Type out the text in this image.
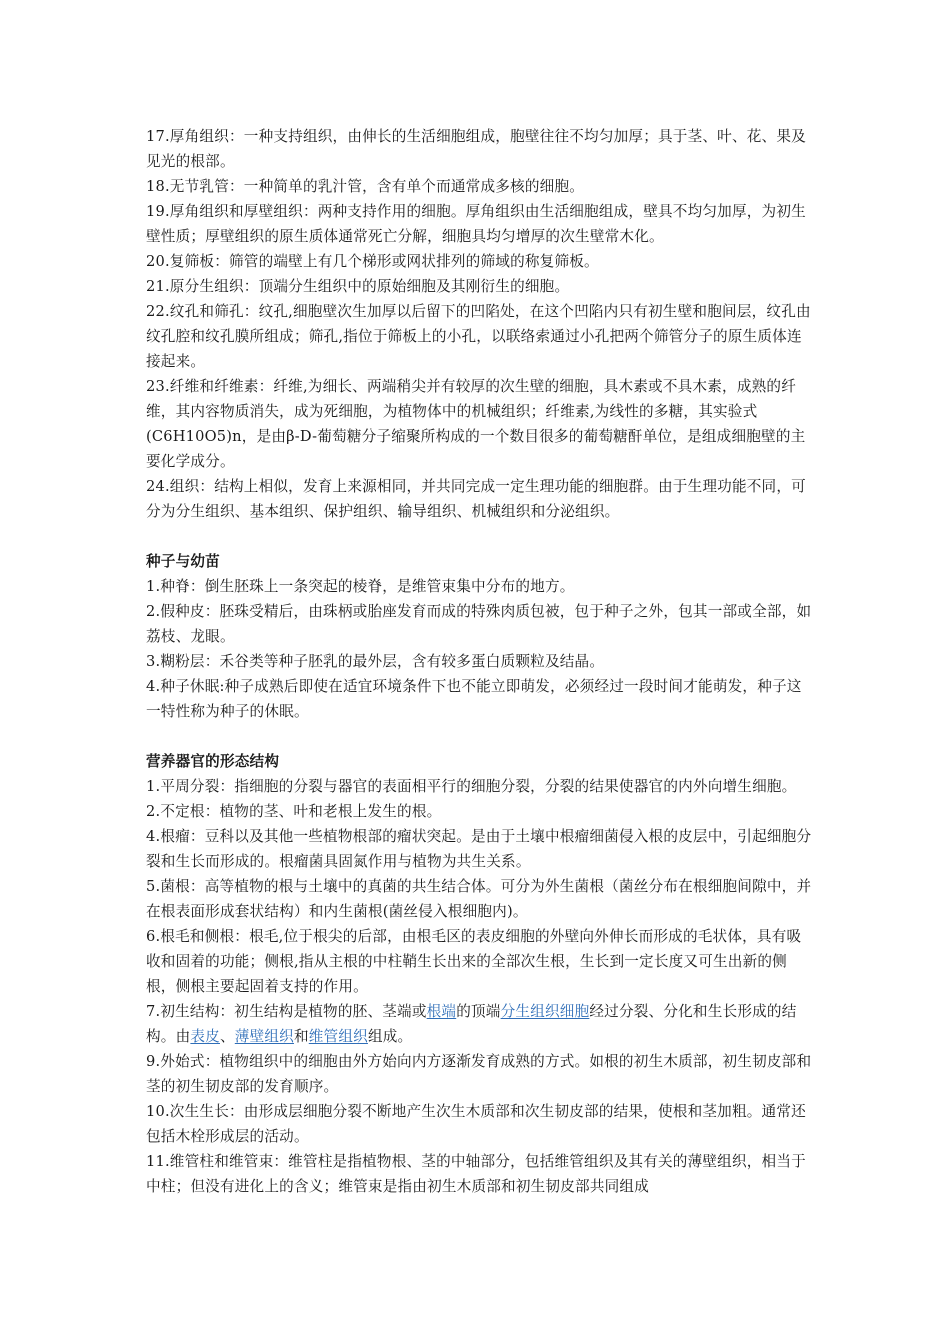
17.厚角组织：一种支持组织，由伸长的生活细胞组成，胞壁往往不均匀加厚；具于茎、叶、花、果及见光的根部。

18.无节乳管：一种简单的乳汁管，含有单个而通常成多核的细胞。

19.厚角组织和厚壁组织：两种支持作用的细胞。厚角组织由生活细胞组成，壁具不均匀加厚，为初生壁性质；厚壁组织的原生质体通常死亡分解，细胞具均匀增厚的次生壁常木化。

20.复筛板：筛管的端壁上有几个梯形或网状排列的筛域的称复筛板。

21.原分生组织：顶端分生组织中的原始细胞及其刚衍生的细胞。

22.纹孔和筛孔：纹孔,细胞壁次生加厚以后留下的凹陷处，在这个凹陷内只有初生壁和胞间层，纹孔由纹孔腔和纹孔膜所组成；筛孔,指位于筛板上的小孔，以联络索通过小孔把两个筛管分子的原生质体连接起来。

23.纤维和纤维素：纤维,为细长、两端稍尖并有较厚的次生壁的细胞，具木素或不具木素，成熟的纤维，其内容物质消失，成为死细胞，为植物体中的机械组织；纤维素,为线性的多糖，其实验式(C6H10O5)n，是由β-D-葡萄糖分子缩聚所构成的一个数目很多的葡萄糖酐单位，是组成细胞壁的主要化学成分。

24.组织：结构上相似，发育上来源相同，并共同完成一定生理功能的细胞群。由于生理功能不同，可分为分生组织、基本组织、保护组织、输导组织、机械组织和分泌组织。

种子与幼苗

1.种脊：倒生胚珠上一条突起的棱脊，是维管束集中分布的地方。

2.假种皮：胚珠受精后，由珠柄或胎座发育而成的特殊肉质包被，包于种子之外，包其一部或全部，如荔枝、龙眼。

3.糊粉层：禾谷类等种子胚乳的最外层，含有较多蛋白质颗粒及结晶。

4.种子休眠:种子成熟后即使在适宜环境条件下也不能立即萌发，必须经过一段时间才能萌发，种子这一特性称为种子的休眠。

营养器官的形态结构

1.平周分裂：指细胞的分裂与器官的表面相平行的细胞分裂，分裂的结果使器官的内外向增生细胞。

2.不定根：植物的茎、叶和老根上发生的根。

4.根瘤：豆科以及其他一些植物根部的瘤状突起。是由于土壤中根瘤细菌侵入根的皮层中，引起细胞分裂和生长而形成的。根瘤菌具固氮作用与植物为共生关系。

5.菌根：高等植物的根与土壤中的真菌的共生结合体。可分为外生菌根（菌丝分布在根细胞间隙中，并在根表面形成套状结构）和内生菌根(菌丝侵入根细胞内)。

6.根毛和侧根：根毛,位于根尖的后部，由根毛区的表皮细胞的外壁向外伸长而形成的毛状体，具有吸收和固着的功能；侧根,指从主根的中柱鞘生长出来的全部次生根，生长到一定长度又可生出新的侧根，侧根主要起固着支持的作用。

7.初生结构：初生结构是植物的胚、茎端或根端的顶端分生组织细胞经过分裂、分化和生长形成的结构。由表皮、薄壁组织和维管组织组成。

9.外始式：植物组织中的细胞由外方始向内方逐渐发育成熟的方式。如根的初生木质部，初生韧皮部和茎的初生韧皮部的发育顺序。

10.次生生长：由形成层细胞分裂不断地产生次生木质部和次生韧皮部的结果，使根和茎加粗。通常还包括木栓形成层的活动。

11.维管柱和维管束：维管柱是指植物根、茎的中轴部分，包括维管组织及其有关的薄壁组织，相当于中柱；但没有进化上的含义；维管束是指由初生木质部和初生韧皮部共同组成
